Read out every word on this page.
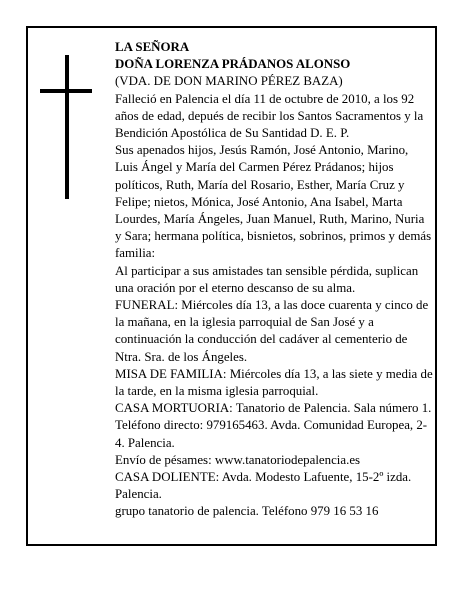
LA SEÑORA

DOÑA LORENZA PRÁDANOS ALONSO

(VDA. DE DON MARINO PÉREZ BAZA)

Falleció en Palencia el día 11 de octubre de 2010, a los 92 años de edad, depués de recibir los Santos Sacramentos y la Bendición Apostólica de Su Santidad D. E. P.

Sus apenados hijos, Jesús Ramón, José Antonio, Marino, Luis Ángel y María del Carmen Pérez Prádanos; hijos políticos, Ruth, María del Rosario, Esther, María Cruz y Felipe; nietos, Mónica, José Antonio, Ana Isabel, Marta Lourdes, María Ángeles, Juan Manuel, Ruth, Marino, Nuria y Sara; hermana política, bisnietos, sobrinos, primos y demás familia:

Al participar a sus amistades tan sensible pérdida, suplican una oración por el eterno descanso de su alma.

FUNERAL: Miércoles día 13, a las doce cuarenta y cinco de la mañana, en la iglesia parroquial de San José y a continuación la conducción del cadáver al cementerio de Ntra. Sra. de los Ángeles.

MISA DE FAMILIA: Miércoles día 13, a las siete y media de la tarde, en la misma iglesia parroquial.

CASA MORTUORIA: Tanatorio de Palencia. Sala número 1. Teléfono directo: 979165463. Avda. Comunidad Europea, 2-4. Palencia.

Envío de pésames: www.tanatoriodepalencia.es

CASA DOLIENTE: Avda. Modesto Lafuente, 15-2º izda. Palencia.

grupo tanatorio de palencia. Teléfono 979 16 53 16
